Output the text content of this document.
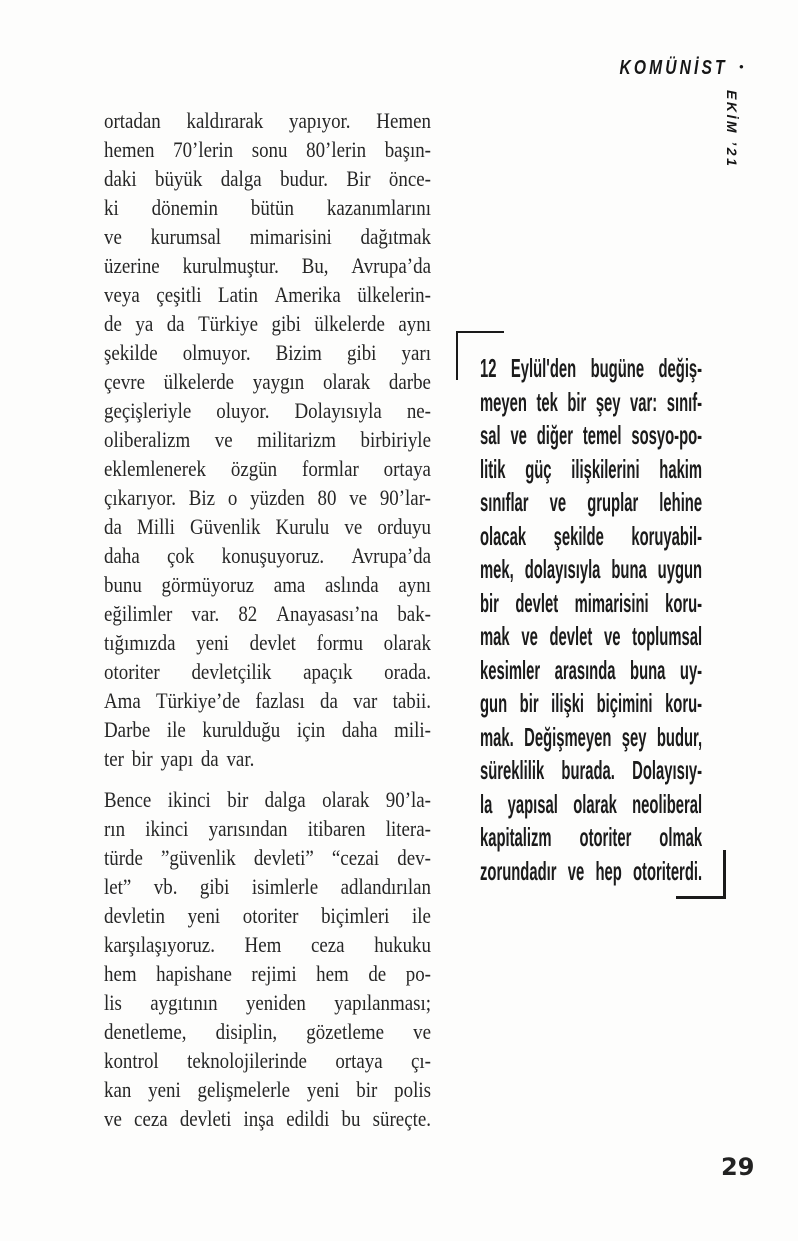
KOMÜNİST •
EKİM ’21
ortadan kaldırarak yapıyor. Hemen
hemen 70’lerin sonu 80’lerin başın-
daki büyük dalga budur. Bir önce-
ki dönemin bütün kazanımlarını
ve kurumsal mimarisini dağıtmak
üzerine kurulmuştur. Bu, Avrupa’da
veya çeşitli Latin Amerika ülkelerin-
de ya da Türkiye gibi ülkelerde aynı
şekilde olmuyor. Bizim gibi yarı
çevre ülkelerde yaygın olarak darbe
geçişleriyle oluyor. Dolayısıyla ne-
oliberalizm ve militarizm birbiriyle
eklemlenerek özgün formlar ortaya
çıkarıyor. Biz o yüzden 80 ve 90’lar-
da Milli Güvenlik Kurulu ve orduyu
daha çok konuşuyoruz. Avrupa’da
bunu görmüyoruz ama aslında aynı
eğilimler var. 82 Anayasası’na bak-
tığımızda yeni devlet formu olarak
otoriter devletçilik apaçık orada.
Ama Türkiye’de fazlası da var tabii.
Darbe ile kurulduğu için daha mili-
ter bir yapı da var.
Bence ikinci bir dalga olarak 90’la-
rın ikinci yarısından itibaren litera-
türde ”güvenlik devleti” “cezai dev-
let” vb. gibi isimlerle adlandırılan
devletin yeni otoriter biçimleri ile
karşılaşıyoruz. Hem ceza hukuku
hem hapishane rejimi hem de po-
lis aygıtının yeniden yapılanması;
denetleme, disiplin, gözetleme ve
kontrol teknolojilerinde ortaya çı-
kan yeni gelişmelerle yeni bir polis
ve ceza devleti inşa edildi bu süreçte.
12 Eylül'den bugüne değiş-
meyen tek bir şey var: sınıf-
sal ve diğer temel sosyo-po-
litik güç ilişkilerini hakim
sınıflar ve gruplar lehine
olacak şekilde koruyabil-
mek, dolayısıyla buna uygun
bir devlet mimarisini koru-
mak ve devlet ve toplumsal
kesimler arasında buna uy-
gun bir ilişki biçimini koru-
mak. Değişmeyen şey budur,
süreklilik burada. Dolayısıy-
la yapısal olarak neoliberal
kapitalizm otoriter olmak
zorundadır ve hep otoriterdi.
29
